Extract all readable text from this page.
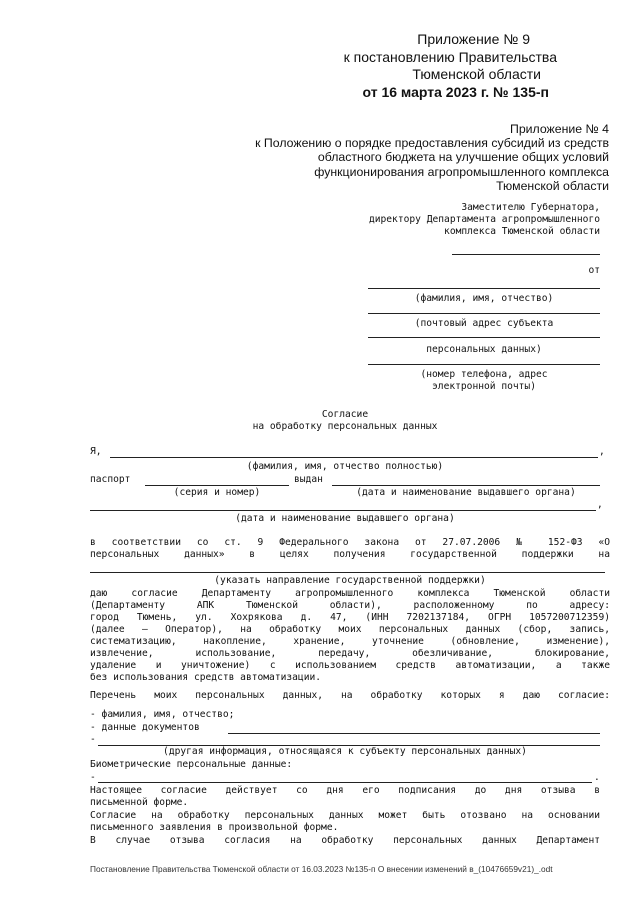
Приложение № 9
к постановлению Правительства
Тюменской области
от 16 марта 2023 г. № 135-п
Приложение № 4
к Положению о порядке предоставления субсидий из средств
областного бюджета на улучшение общих условий
функционирования агропромышленного комплекса
Тюменской области
Заместителю Губернатора,
директору Департамента агропромышленного
комплекса Тюменской области
от
(фамилия, имя, отчество)
(почтовый адрес субъекта
персональных данных)
(номер телефона, адрес
электронной почты)
Согласие
на обработку персональных данных
Я,	,
(фамилия, имя, отчество полностью)
паспорт	выдан
(серия и номер)	(дата и наименование выдавшего органа)
,
(дата и наименование выдавшего органа)
в соответствии со ст. 9 Федерального закона от 27.07.2006 № 152-ФЗ «О
персональных данных» в целях получения государственной поддержки на
(указать направление государственной поддержки)
даю согласие Департаменту агропромышленного комплекса Тюменской области
(Департаменту АПК Тюменской области), расположенному по адресу:
город Тюмень, ул. Хохрякова д. 47, (ИНН 7202137184, ОГРН 1057200712359)
(далее – Оператор), на обработку моих персональных данных (сбор, запись,
систематизацию, накопление, хранение, уточнение (обновление, изменение),
извлечение, использование, передачу, обезличивание, блокирование,
удаление и уничтожение) с использованием средств автоматизации, а также
без использования средств автоматизации.
Перечень моих персональных данных, на обработку которых я даю согласие:
- фамилия, имя, отчество;
- данные документов
-
(другая информация, относящаяся к субъекту персональных данных)
Биометрические персональные данные:
-	.
Настоящее согласие действует со дня его подписания до дня отзыва в
письменной форме.
Согласие на обработку персональных данных может быть отозвано на основании
письменного заявления в произвольной форме.
В случае отзыва согласия на обработку персональных данных Департамент
Постановление Правительства Тюменской области от 16.03.2023 №135-п О внесении изменений в_(10476659v21)_.odt
